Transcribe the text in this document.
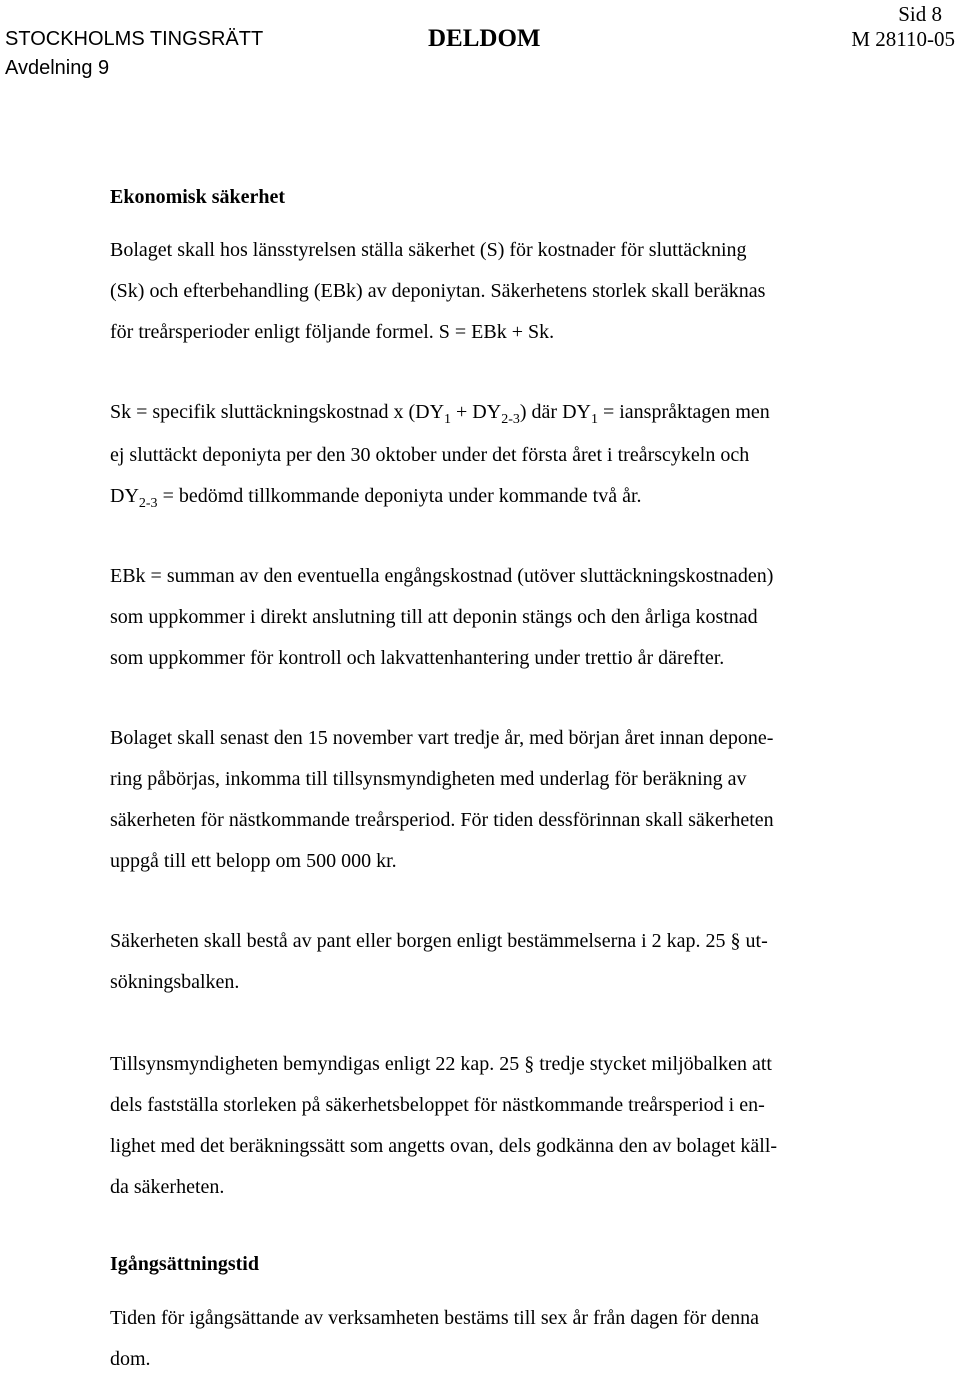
Sid 8
STOCKHOLMS TINGSRÄTT
Avdelning 9
DELDOM	M 28110-05
Ekonomisk säkerhet
Bolaget skall hos länsstyrelsen ställa säkerhet (S) för kostnader för sluttäckning
(Sk) och efterbehandling (EBk) av deponiytan. Säkerhetens storlek skall beräknas
för treårsperioder enligt följande formel. S = EBk + Sk.
Sk = specifik sluttäckningskostnad x $(DY_1 + DY_{2-3})$ där $DY_1$ = ianspråktagen men
ej sluttäckt deponiyta per den 30 oktober under det första året i treårscykeln och
$DY_{2-3}$ = bedömd tillkommande deponiyta under kommande två år.
EBk = summan av den eventuella engångskostnad (utöver sluttäckningskostnaden)
som uppkommer i direkt anslutning till att deponin stängs och den årliga kostnad
som uppkommer för kontroll och lakvattenhantering under trettio år därefter.
Bolaget skall senast den 15 november vart tredje år, med början året innan depone-
ring påbörjas, inkomma till tillsynsmyndigheten med underlag för beräkning av
säkerheten för nästkommande treårsperiod. För tiden dessförinnan skall säkerheten
uppgå till ett belopp om 500 000 kr.
Säkerheten skall bestå av pant eller borgen enligt bestämmelserna i 2 kap. 25 § ut-
sökningsbalken.
Tillsynsmyndigheten bemyndigas enligt 22 kap. 25 § tredje stycket miljöbalken att
dels fastställa storleken på säkerhetsbeloppet för nästkommande treårsperiod i en-
lighet med det beräkningssätt som angetts ovan, dels godkänna den av bolaget käll-
da säkerheten.
Igångsättningstid
Tiden för igångsättande av verksamheten bestäms till sex år från dagen för denna
dom.
